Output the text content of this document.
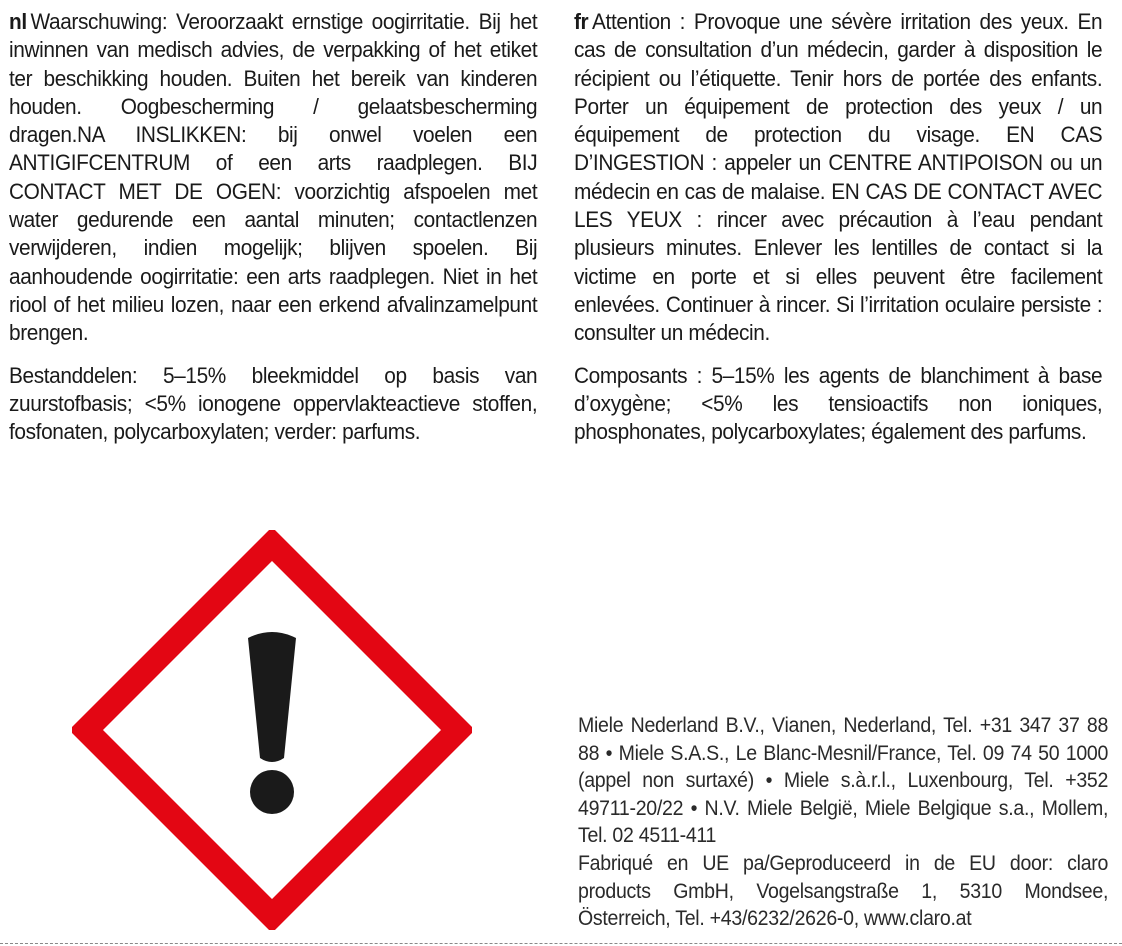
nl Waarschuwing: Veroorzaakt ernstige oogirritatie. Bij het inwinnen van medisch advies, de verpakking of het etiket ter beschikking houden. Buiten het bereik van kinderen houden. Oogbescherming / gelaatsbescherming dragen.NA INSLIKKEN: bij onwel voelen een ANTIGIFCENTRUM of een arts raadplegen. BIJ CONTACT MET DE OGEN: voorzichtig afspoelen met water gedurende een aantal minuten; contactlenzen verwijderen, indien mogelijk; blijven spoelen. Bij aanhoudende oogirritatie: een arts raadplegen. Niet in het riool of het milieu lozen, naar een erkend afvalinzamelpunt brengen.

Bestanddelen: 5–15% bleekmiddel op basis van zuurstofbasis; <5% ionogene oppervlakteactieve stoffen, fosfonaten, polycarboxylaten; verder: parfums.

fr Attention : Provoque une sévère irritation des yeux. En cas de consultation d’un médecin, garder à disposition le récipient ou l’étiquette. Tenir hors de portée des enfants. Porter un équipement de protection des yeux / un équipement de protection du visage. EN CAS D’INGESTION : appeler un CENTRE ANTIPOISON ou un médecin en cas de malaise. EN CAS DE CONTACT AVEC LES YEUX : rincer avec précaution à l’eau pendant plusieurs minutes. Enlever les lentilles de contact si la victime en porte et si elles peuvent être facilement enlevées. Continuer à rincer. Si l’irritation oculaire persiste : consulter un médecin.

Composants : 5–15% les agents de blanchiment à base d’oxygène; <5% les tensioactifs non ioniques, phosphonates, polycarboxylates; également des parfums.

Miele Nederland B.V., Vianen, Nederland, Tel. +31 347 37 88 88 • Miele S.A.S., Le Blanc-Mesnil/France, Tel. 09 74 50 1000 (appel non surtaxé) • Miele s.à.r.l., Luxenbourg, Tel. +352 49711-20/22 • N.V. Miele België, Miele Belgique s.a., Mollem, Tel. 02 4511-411

Fabriqué en UE pa/Geproduceerd in de EU door: claro products GmbH, Vogelsangstraße 1, 5310 Mondsee, Österreich, Tel. +43/6232/2626-0, www.claro.at
